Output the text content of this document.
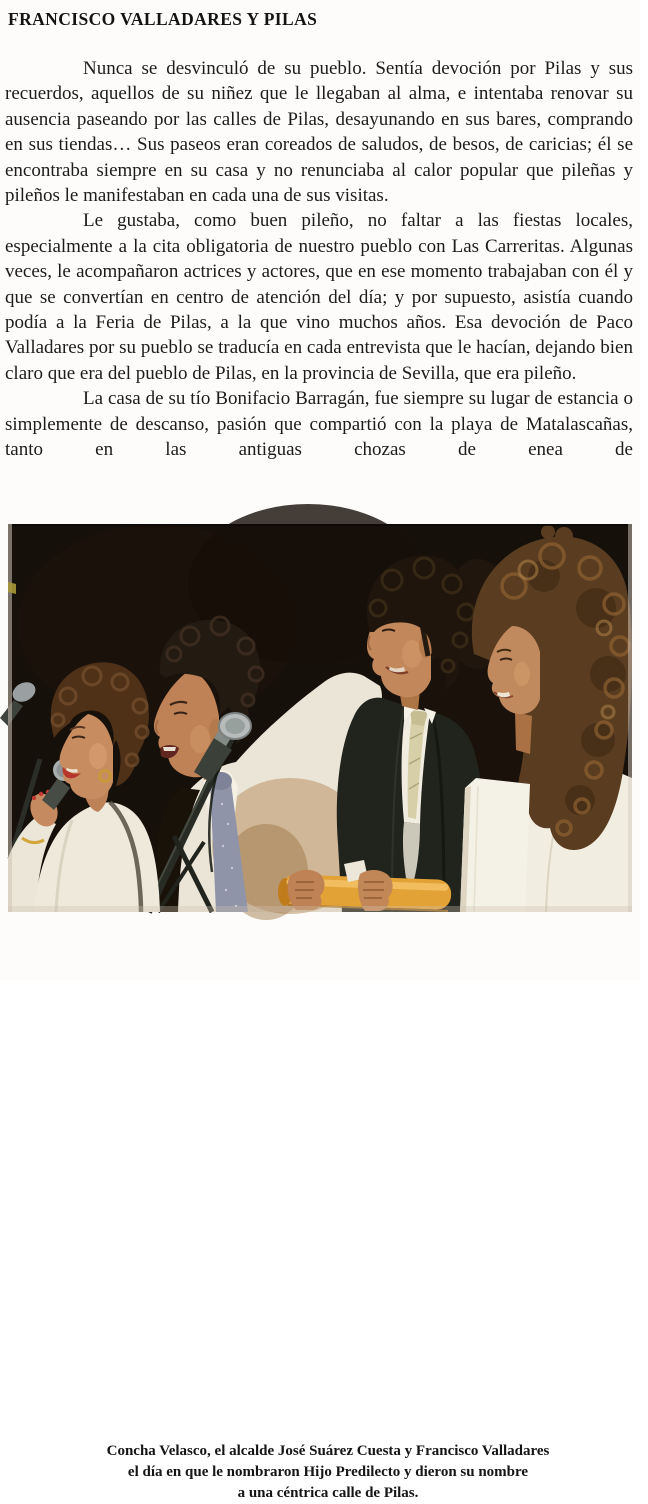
FRANCISCO VALLADARES Y PILAS

Nunca se desvinculó de su pueblo. Sentía devoción por Pilas y sus recuerdos, aquellos de su niñez que le llegaban al alma, e intentaba renovar su ausencia paseando por las calles de Pilas, desayunando en sus bares, comprando en sus tiendas… Sus paseos eran coreados de saludos, de besos, de caricias; él se encontraba siempre en su casa y no renunciaba al calor popular que pileñas y pileños le manifestaban en cada una de sus visitas.

Le gustaba, como buen pileño, no faltar a las fiestas locales, especialmente a la cita obligatoria de nuestro pueblo con Las Carreritas. Algunas veces, le acompañaron actrices y actores, que en ese momento trabajaban con él y que se convertían en centro de atención del día; y por supuesto, asistía cuando podía a la Feria de Pilas, a la que vino muchos años. Esa devoción de Paco Valladares por su pueblo se traducía en cada entrevista que le hacían, dejando bien claro que era del pueblo de Pilas, en la provincia de Sevilla, que era pileño.

La casa de su tío Bonifacio Barragán, fue siempre su lugar de estancia o simplemente de descanso, pasión que compartió con la playa de Matalascañas, tanto en las antiguas chozas de enea de

Concha Velasco, el alcalde José Suárez Cuesta y Francisco Valladares
el día en que le nombraron Hijo Predilecto y dieron su nombre
a una céntrica calle de Pilas.
